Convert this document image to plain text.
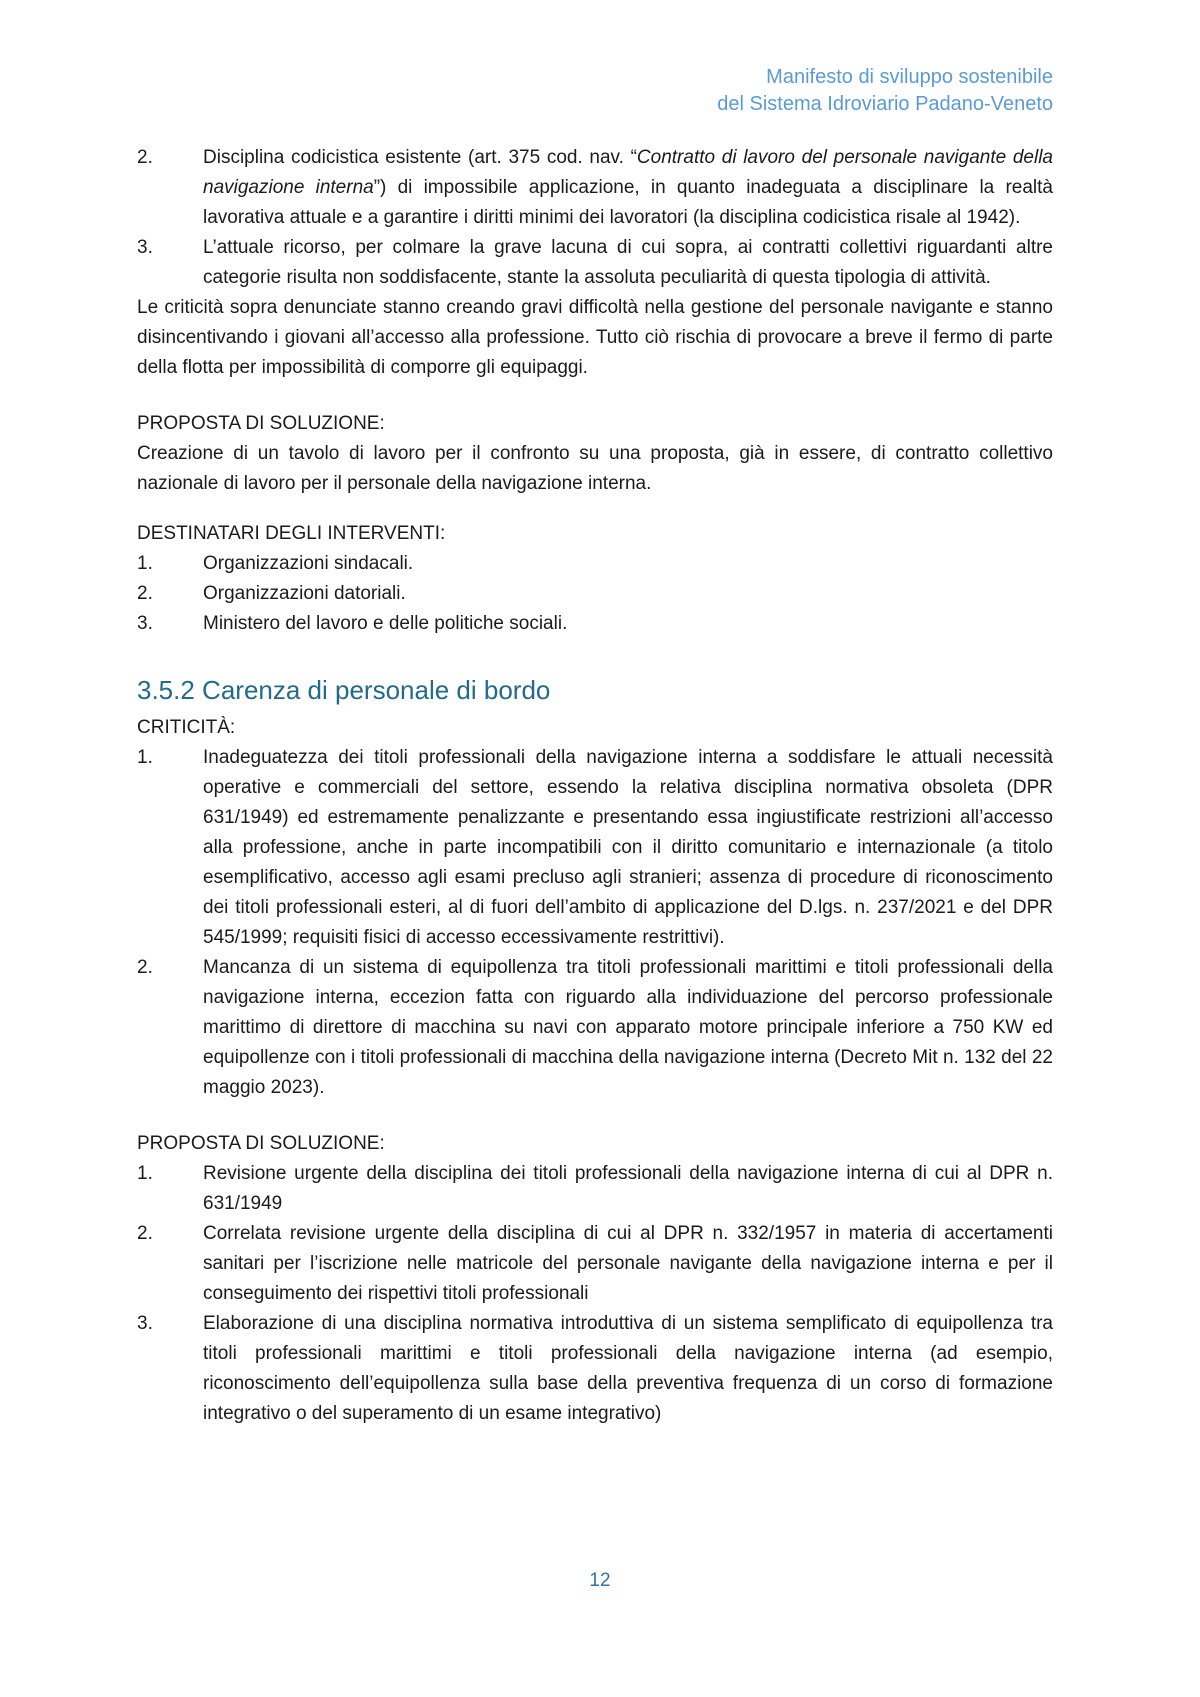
Manifesto di sviluppo sostenibile
del Sistema Idroviario Padano-Veneto
2.	Disciplina codicistica esistente (art. 375 cod. nav. “Contratto di lavoro del personale navigante della navigazione interna”) di impossibile applicazione, in quanto inadeguata a disciplinare la realtà lavorativa attuale e a garantire i diritti minimi dei lavoratori (la disciplina codicistica risale al 1942).
3.	L’attuale ricorso, per colmare la grave lacuna di cui sopra, ai contratti collettivi riguardanti altre categorie risulta non soddisfacente, stante la assoluta peculiarità di questa tipologia di attività.
Le criticità sopra denunciate stanno creando gravi difficoltà nella gestione del personale navigante e stanno disincentivando i giovani all’accesso alla professione. Tutto ciò rischia di provocare a breve il fermo di parte della flotta per impossibilità di comporre gli equipaggi.
PROPOSTA DI SOLUZIONE:
Creazione di un tavolo di lavoro per il confronto su una proposta, già in essere, di contratto collettivo nazionale di lavoro per il personale della navigazione interna.
DESTINATARI DEGLI INTERVENTI:
1.	Organizzazioni sindacali.
2.	Organizzazioni datoriali.
3.	Ministero del lavoro e delle politiche sociali.
3.5.2 Carenza di personale di bordo
CRITICITÀ:
1.	Inadeguatezza dei titoli professionali della navigazione interna a soddisfare le attuali necessità operative e commerciali del settore, essendo la relativa disciplina normativa obsoleta (DPR 631/1949) ed estremamente penalizzante e presentando essa ingiustificate restrizioni all’accesso alla professione, anche in parte incompatibili con il diritto comunitario e internazionale (a titolo esemplificativo, accesso agli esami precluso agli stranieri; assenza di procedure di riconoscimento dei titoli professionali esteri, al di fuori dell’ambito di applicazione del D.lgs. n. 237/2021 e del DPR 545/1999; requisiti fisici di accesso eccessivamente restrittivi).
2.	Mancanza di un sistema di equipollenza tra titoli professionali marittimi e titoli professionali della navigazione interna, eccezion fatta con riguardo alla individuazione del percorso professionale marittimo di direttore di macchina su navi con apparato motore principale inferiore a 750 KW ed equipollenze con i titoli professionali di macchina della navigazione interna (Decreto Mit n. 132 del 22 maggio 2023).
PROPOSTA DI SOLUZIONE:
1.	Revisione urgente della disciplina dei titoli professionali della navigazione interna di cui al DPR n. 631/1949
2.	Correlata revisione urgente della disciplina di cui al DPR n. 332/1957 in materia di accertamenti sanitari per l’iscrizione nelle matricole del personale navigante della navigazione interna e per il conseguimento dei rispettivi titoli professionali
3.	Elaborazione di una disciplina normativa introduttiva di un sistema semplificato di equipollenza tra titoli professionali marittimi e titoli professionali della navigazione interna (ad esempio, riconoscimento dell’equipollenza sulla base della preventiva frequenza di un corso di formazione integrativo o del superamento di un esame integrativo)
12
